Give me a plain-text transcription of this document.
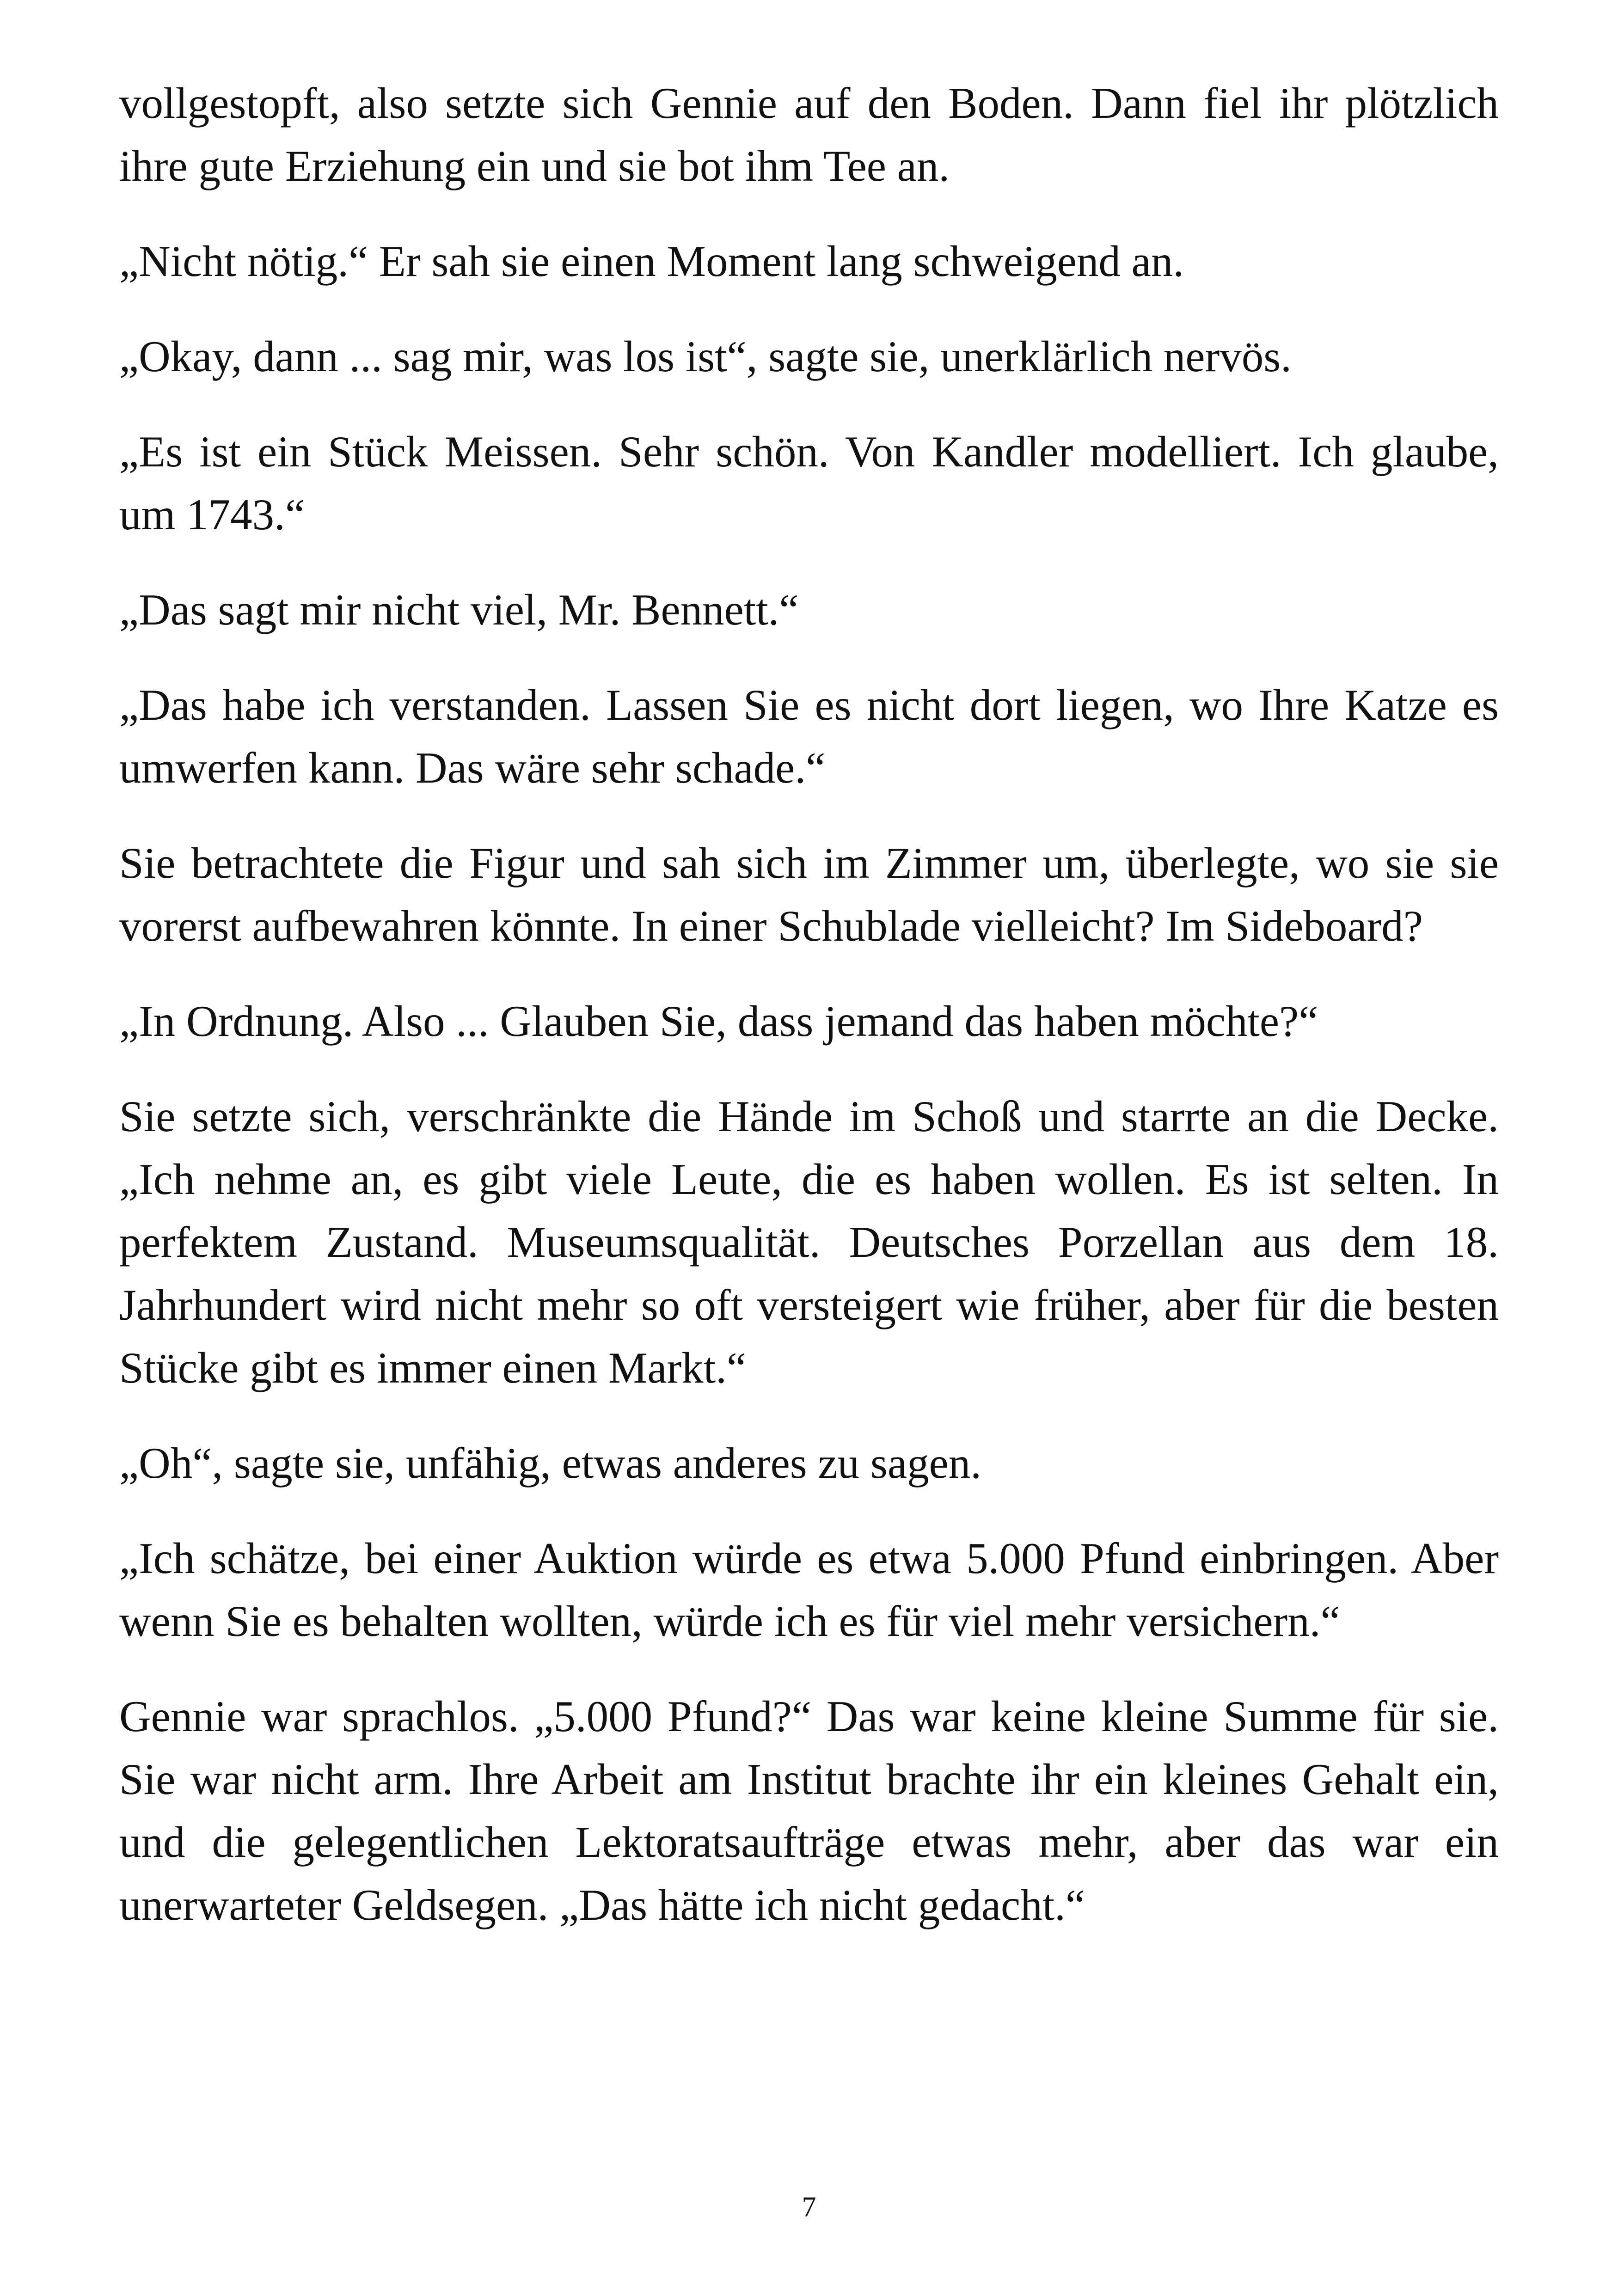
vollgestopft, also setzte sich Gennie auf den Boden. Dann fiel ihr plötzlich ihre gute Erziehung ein und sie bot ihm Tee an.

„Nicht nötig.“ Er sah sie einen Moment lang schweigend an.

„Okay, dann ... sag mir, was los ist“, sagte sie, unerklärlich nervös.

„Es ist ein Stück Meissen. Sehr schön. Von Kandler modelliert. Ich glaube, um 1743.“

„Das sagt mir nicht viel, Mr. Bennett.“

„Das habe ich verstanden. Lassen Sie es nicht dort liegen, wo Ihre Katze es umwerfen kann. Das wäre sehr schade.“

Sie betrachtete die Figur und sah sich im Zimmer um, überlegte, wo sie sie vorerst aufbewahren könnte. In einer Schublade vielleicht? Im Sideboard?

„In Ordnung. Also ... Glauben Sie, dass jemand das haben möchte?“

Sie setzte sich, verschränkte die Hände im Schoß und starrte an die Decke. „Ich nehme an, es gibt viele Leute, die es haben wollen. Es ist selten. In perfektem Zustand. Museumsqualität. Deutsches Porzellan aus dem 18. Jahrhundert wird nicht mehr so oft versteigert wie früher, aber für die besten Stücke gibt es immer einen Markt.“

„Oh“, sagte sie, unfähig, etwas anderes zu sagen.

„Ich schätze, bei einer Auktion würde es etwa 5.000 Pfund einbringen. Aber wenn Sie es behalten wollten, würde ich es für viel mehr versichern.“

Gennie war sprachlos. „5.000 Pfund?“ Das war keine kleine Summe für sie. Sie war nicht arm. Ihre Arbeit am Institut brachte ihr ein kleines Gehalt ein, und die gelegentlichen Lektoratsaufträge etwas mehr, aber das war ein unerwarteter Geldsegen. „Das hätte ich nicht gedacht.“

7
